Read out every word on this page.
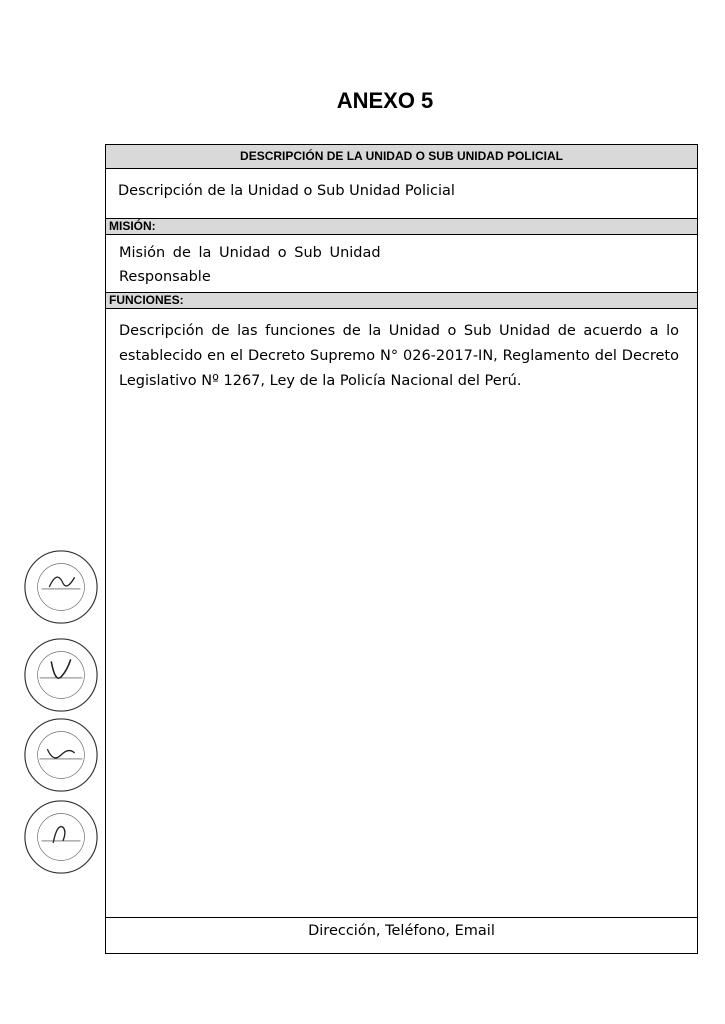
ANEXO 5
DESCRIPCIÓN DE LA UNIDAD O SUB UNIDAD POLICIAL
Descripción de la Unidad o Sub Unidad Policial
MISIÓN:
Misión de la Unidad o Sub Unidad
Responsable
FUNCIONES:
Descripción de las funciones de la Unidad o Sub Unidad de acuerdo a lo establecido en el Decreto Supremo N° 026-2017-IN, Reglamento del Decreto Legislativo Nº 1267, Ley de la Policía Nacional del Perú.
Dirección, Teléfono, Email
